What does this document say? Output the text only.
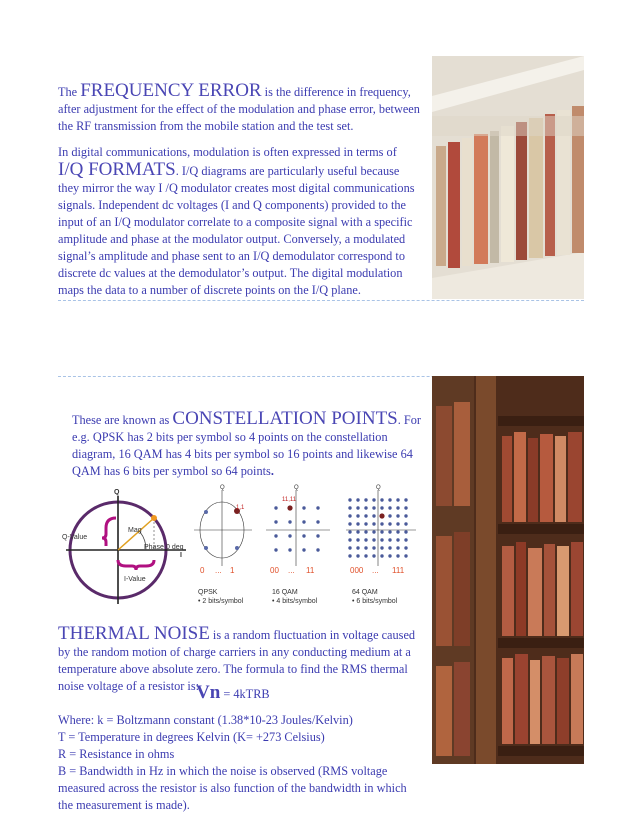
The FREQUENCY ERROR is the difference in frequency, after adjustment for the effect of the modulation and phase error, between the RF transmission from the mobile station and the test set.

In digital communications, modulation is often expressed in terms of I/Q FORMATS. I/Q diagrams are particularly useful because they mirror the way I /Q modulator creates most digital communications signals. Independent dc voltages (I and Q components) provided to the input of an I/Q modulator correlate to a composite signal with a specific amplitude and phase at the modulator output. Conversely, a modulated signal’s amplitude and phase sent to an I/Q demodulator correspond to discrete dc values at the demodulator’s output. The digital modulation maps the data to a number of discrete points on the I/Q plane.

These are known as CONSTELLATION POINTS. For e.g. QPSK has 2 bits per symbol so 4 points on the constellation diagram, 16 QAM has 4 bits per symbol so 16 points and likewise 64 QAM has 6 bits per symbol so 64 points.

Q
I
Q-Value
I-Value
Mag
Phase 0 deg
Q
1,1
0 ... 1
QPSK
• 2 bits/symbol
Q
11,11
00 ... 11
16 QAM
• 4 bits/symbol
Q
000 ... 111
64 QAM
• 6 bits/symbol

THERMAL NOISE is a random fluctuation in voltage caused by the random motion of charge carriers in any conducting medium at a temperature above absolute zero. The formula to find the RMS thermal noise voltage of a resistor is:

Vn = 4kTRB
Where: k = Boltzmann constant (1.38*10-23 Joules/Kelvin)
T = Temperature in degrees Kelvin (K= +273 Celsius)
R = Resistance in ohms
B = Bandwidth in Hz in which the noise is observed (RMS voltage measured across the resistor is also function of the bandwidth in which the measurement is made).
